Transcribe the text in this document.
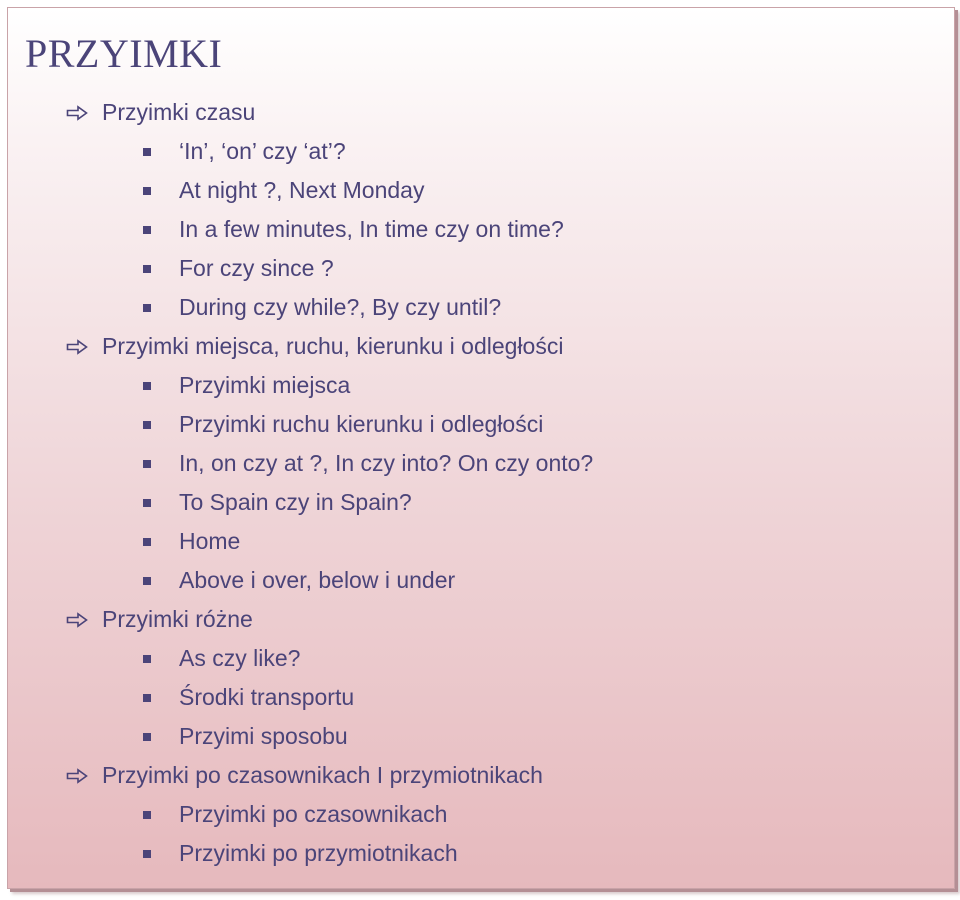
PRZYIMKI
Przyimki czasu
‘In’, ‘on’ czy ‘at’?
At night ?, Next Monday
In a few minutes, In time czy on time?
For czy since ?
During czy while?, By czy until?
Przyimki miejsca, ruchu, kierunku i odległości
Przyimki miejsca
Przyimki ruchu kierunku i odległości
In, on czy at ?, In czy into? On czy onto?
To Spain czy in Spain?
Home
Above i over, below i under
Przyimki różne
As czy like?
Środki transportu
Przyimi sposobu
Przyimki po czasownikach I przymiotnikach
Przyimki po czasownikach
Przyimki po przymiotnikach
